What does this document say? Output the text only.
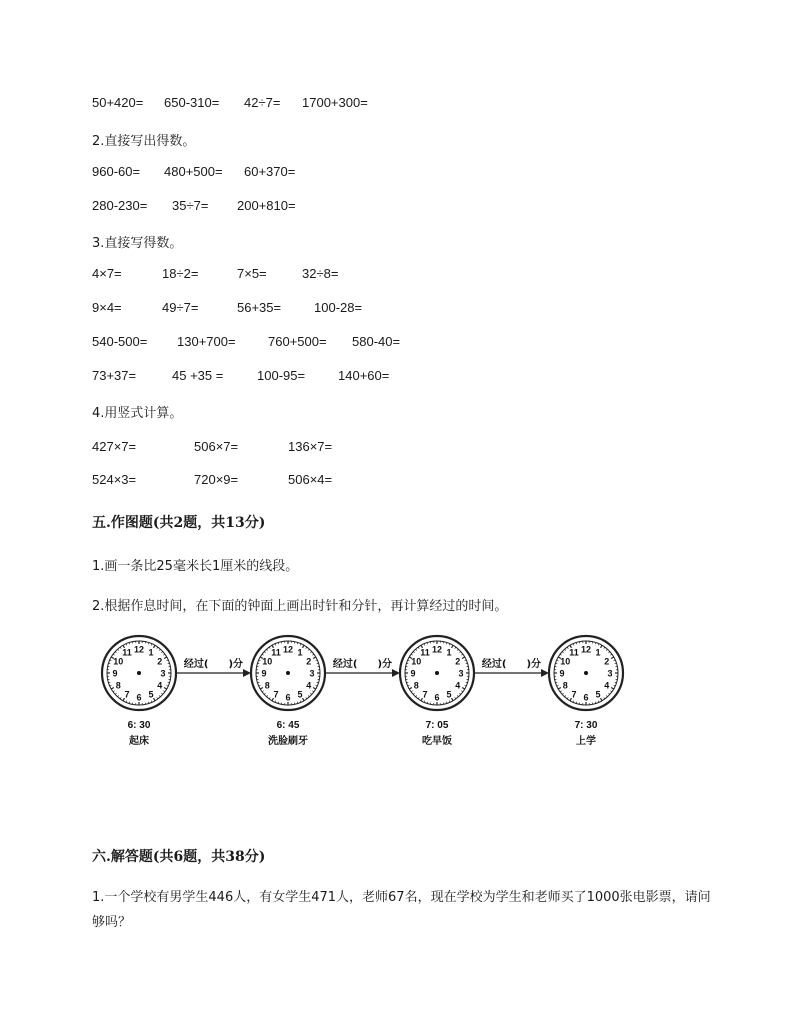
50+420= 650-310= 42÷7= 1700+300=
2.直接写出得数。
960-60= 480+500= 60+370=
280-230= 35÷7= 200+810=
3.直接写得数。
4×7=	18÷2=	7×5=	32÷8=
9×4=	49÷7=	56+35=	100-28=
540-500= 130+700= 760+500= 580-40=
73+37=	45 +35 =	100-95=	140+60=
4.用竖式计算。
427×7=	506×7=	136×7=
524×3=	720×9=	506×4=
五.作图题(共2题，共13分)
1.画一条比25毫米长1厘米的线段。
2.根据作息时间，在下面的钟面上画出时针和分针，再计算经过的时间。
1
2
3
4
5
6
7
8
9
10
11 12
6: 30
起床
经过(　　)分
1
2
3
4
5
6
7
8
9
10
11 12
6: 45
洗脸刷牙
经过(　　)分
1
2
3
4
5
6
7
8
9
10
11 12
7: 05
吃早饭
经过(　　)分
1
2
3
4
5
6
7
8
9
10
11 12
7: 30
上学
六.解答题(共6题，共38分)
1.一个学校有男学生446人，有女学生471人，老师67名，现在学校为学生和老师买了1000张电影票，请问够吗？
